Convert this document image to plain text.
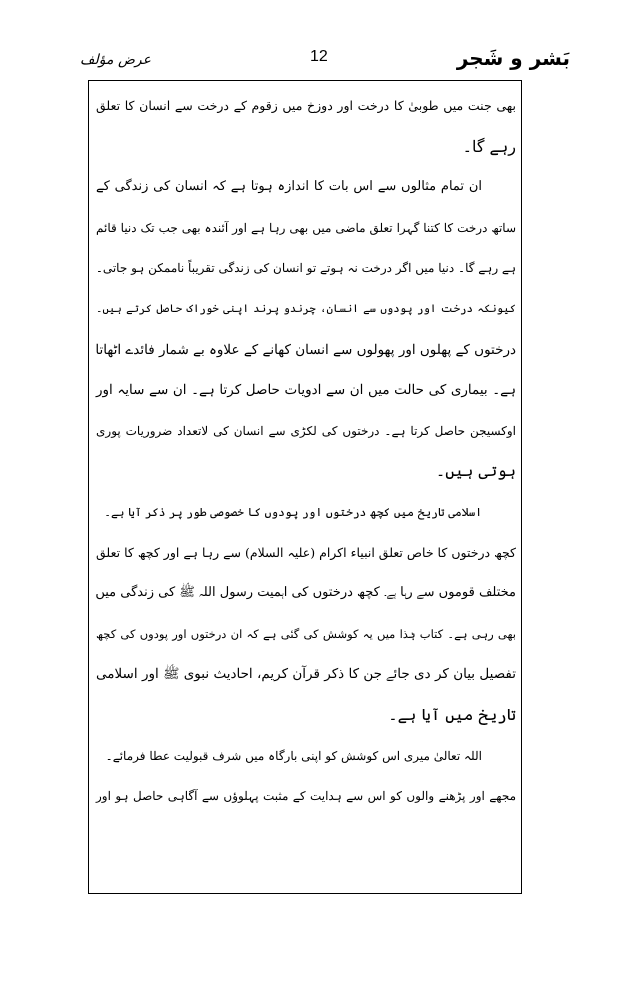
عرض مؤلف	12	بَشر و شَجر
بھی جنت میں طوبیٰ کا درخت اور دوزخ میں زقوم کے درخت سے انسان کا تعلق
رہے گا۔
ان تمام مثالوں سے اس بات کا اندازہ ہوتا ہے کہ انسان کی زندگی کے
ساتھ درخت کا کتنا گہرا تعلق ماضی میں بھی رہا ہے اور آئندہ بھی جب تک دنیا قائم
ہے رہے گا۔ دنیا میں اگر درخت نہ ہوتے تو انسان کی زندگی تقریباً ناممکن ہو جاتی۔
کیونکہ درخت اور پودوں سے انسان، چرندو پرند اپنی خوراک حاصل کرتے ہیں۔
درختوں کے پھلوں اور پھولوں سے انسان کھانے کے علاوہ بے شمار فائدے اٹھاتا
ہے۔ بیماری کی حالت میں ان سے ادویات حاصل کرتا ہے۔ ان سے سایہ اور
اوکسیجن حاصل کرتا ہے۔ درختوں کی لکڑی سے انسان کی لاتعداد ضروریات پوری
ہوتی ہیں۔
اسلامی تاریخ میں کچھ درختوں اور پودوں کا خصوصی طور پر ذکر آیا ہے۔
کچھ درختوں کا خاص تعلق انبیاء اکرام (علیہ السلام) سے رہا ہے اور کچھ کا تعلق
مختلف قوموں سے رہا ہے۔ کچھ درختوں کی اہمیت رسول اللہ ﷺ کی زندگی میں
بھی رہی ہے۔ کتاب ہٰذا میں یہ کوشش کی گئی ہے کہ ان درختوں اور پودوں کی کچھ
تفصیل بیان کر دی جائے جن کا ذکر قرآن کریم، احادیث نبوی ﷺ اور اسلامی
تاریخ میں آیا ہے۔
اللہ تعالیٰ میری اس کوشش کو اپنی بارگاہ میں شرف قبولیت عطا فرمائے۔
مجھے اور پڑھنے والوں کو اس سے ہدایت کے مثبت پہلوؤں سے آگاہی حاصل ہو اور
